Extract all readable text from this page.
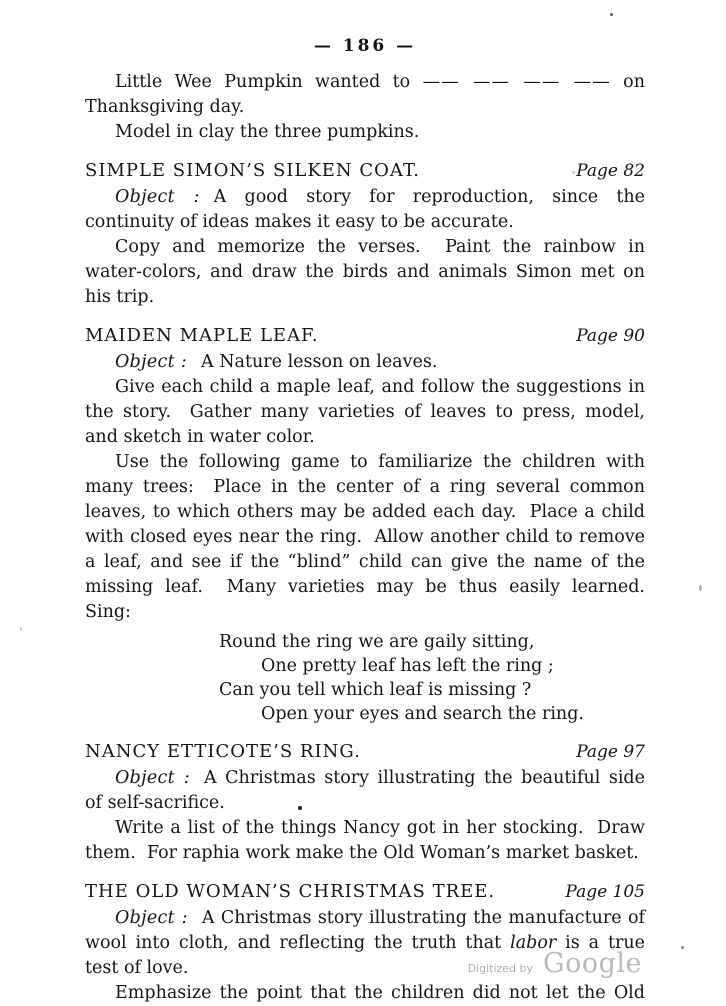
— 186 —

Little Wee Pumpkin wanted to —— —— —— —— on Thanksgiving day.

Model in clay the three pumpkins.

SIMPLE SIMON’S SILKEN COAT.	Page 82

Object : A good story for reproduction, since the continuity of ideas makes it easy to be accurate.

Copy and memorize the verses.  Paint the rainbow in water-colors, and draw the birds and animals Simon met on his trip.

MAIDEN MAPLE LEAF.	Page 90

Object : A Nature lesson on leaves.

Give each child a maple leaf, and follow the suggestions in the story.  Gather many varieties of leaves to press, model, and sketch in water color.

Use the following game to familiarize the children with many trees:  Place in the center of a ring several common leaves, to which others may be added each day.  Place a child with closed eyes near the ring.  Allow another child to remove a leaf, and see if the “blind” child can give the name of the missing leaf.  Many varieties may be thus easily learned.  Sing:

Round the ring we are gaily sitting,
One pretty leaf has left the ring ;
Can you tell which leaf is missing ?
Open your eyes and search the ring.
NANCY ETTICOTE’S RING.	Page 97

Object : A Christmas story illustrating the beautiful side of self-sacrifice.

Write a list of the things Nancy got in her stocking.  Draw them.  For raphia work make the Old Woman’s market basket.

THE OLD WOMAN’S CHRISTMAS TREE.	Page 105

Object : A Christmas story illustrating the manufacture of wool into cloth, and reflecting the truth that labor is a true test of love.

Emphasize the point that the children did not let the Old

Digitized by Google
